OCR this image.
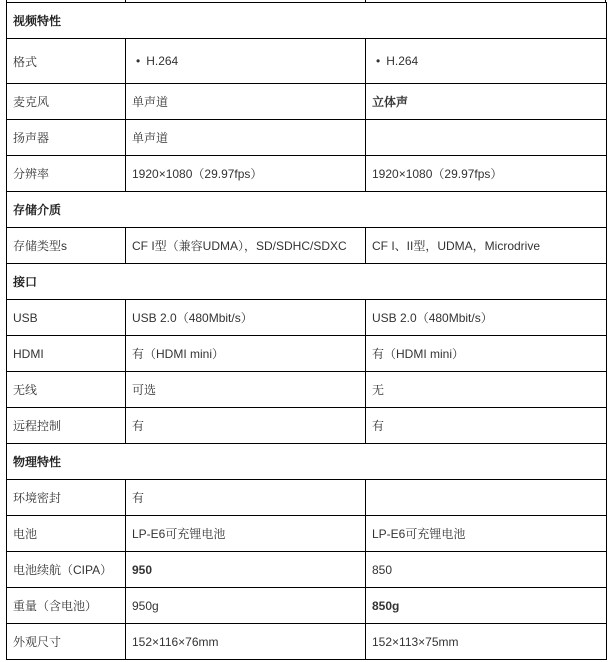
视频特性		
格式	• H.264	• H.264
麦克风	单声道	立体声
扬声器	单声道	
分辨率	1920×1080（29.97fps）	1920×1080（29.97fps）
存储介质		
存储类型s	CF I型（兼容UDMA），SD/SDHC/SDXC	CF I、II型，UDMA，Microdrive
接口		
USB	USB 2.0（480Mbit/s）	USB 2.0（480Mbit/s）
HDMI	有（HDMI mini）	有（HDMI mini）
无线	可选	无
远程控制	有	有
物理特性		
环境密封	有	
电池	LP-E6可充锂电池	LP-E6可充锂电池
电池续航（CIPA）	950	850
重量（含电池）	950g	850g
外观尺寸	152×116×76mm	152×113×75mm
